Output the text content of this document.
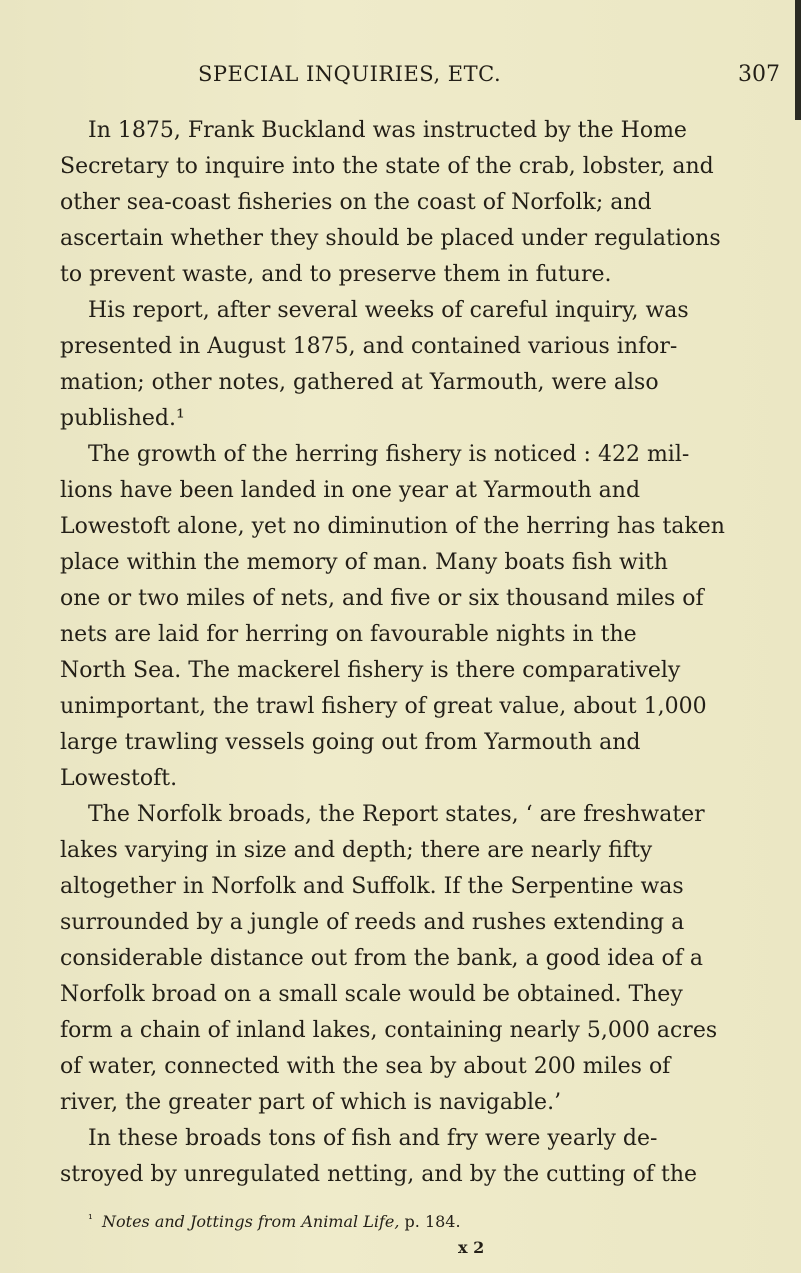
SPECIAL INQUIRIES, ETC.	307
In 1875, Frank Buckland was instructed by the Home
Secretary to inquire into the state of the crab, lobster, and
other sea-coast fisheries on the coast of Norfolk; and
ascertain whether they should be placed under regulations
to prevent waste, and to preserve them in future.
His report, after several weeks of careful inquiry, was
presented in August 1875, and contained various infor-
mation; other notes, gathered at Yarmouth, were also
published.¹
The growth of the herring fishery is noticed : 422 mil-
lions have been landed in one year at Yarmouth and
Lowestoft alone, yet no diminution of the herring has taken
place within the memory of man. Many boats fish with
one or two miles of nets, and five or six thousand miles of
nets are laid for herring on favourable nights in the
North Sea. The mackerel fishery is there comparatively
unimportant, the trawl fishery of great value, about 1,000
large trawling vessels going out from Yarmouth and
Lowestoft.
The Norfolk broads, the Report states, ‘ are freshwater
lakes varying in size and depth; there are nearly fifty
altogether in Norfolk and Suffolk. If the Serpentine was
surrounded by a jungle of reeds and rushes extending a
considerable distance out from the bank, a good idea of a
Norfolk broad on a small scale would be obtained. They
form a chain of inland lakes, containing nearly 5,000 acres
of water, connected with the sea by about 200 miles of
river, the greater part of which is navigable.’
In these broads tons of fish and fry were yearly de-
stroyed by unregulated netting, and by the cutting of the
¹ Notes and Jottings from Animal Life, p. 184.
x 2
